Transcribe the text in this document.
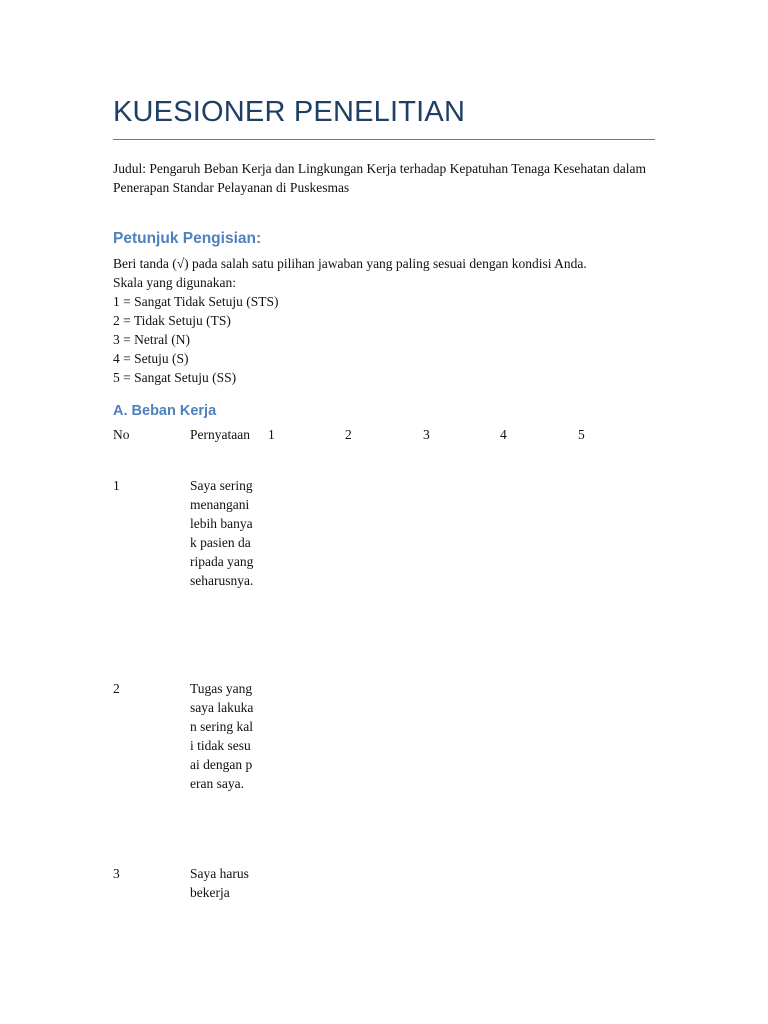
KUESIONER PENELITIAN
Judul: Pengaruh Beban Kerja dan Lingkungan Kerja terhadap Kepatuhan Tenaga Kesehatan dalam Penerapan Standar Pelayanan di Puskesmas
Petunjuk Pengisian:
Beri tanda (√) pada salah satu pilihan jawaban yang paling sesuai dengan kondisi Anda.
Skala yang digunakan:
1 = Sangat Tidak Setuju (STS)
2 = Tidak Setuju (TS)
3 = Netral (N)
4 = Setuju (S)
5 = Sangat Setuju (SS)
A. Beban Kerja
No	Pernyataan 1	2	3	4	5
1	Saya sering menangani lebih banyak pasien daripada yang seharusnya.
2	Tugas yang saya lakukan sering kali tidak sesuai dengan peran saya.
3	Saya harus bekerja
